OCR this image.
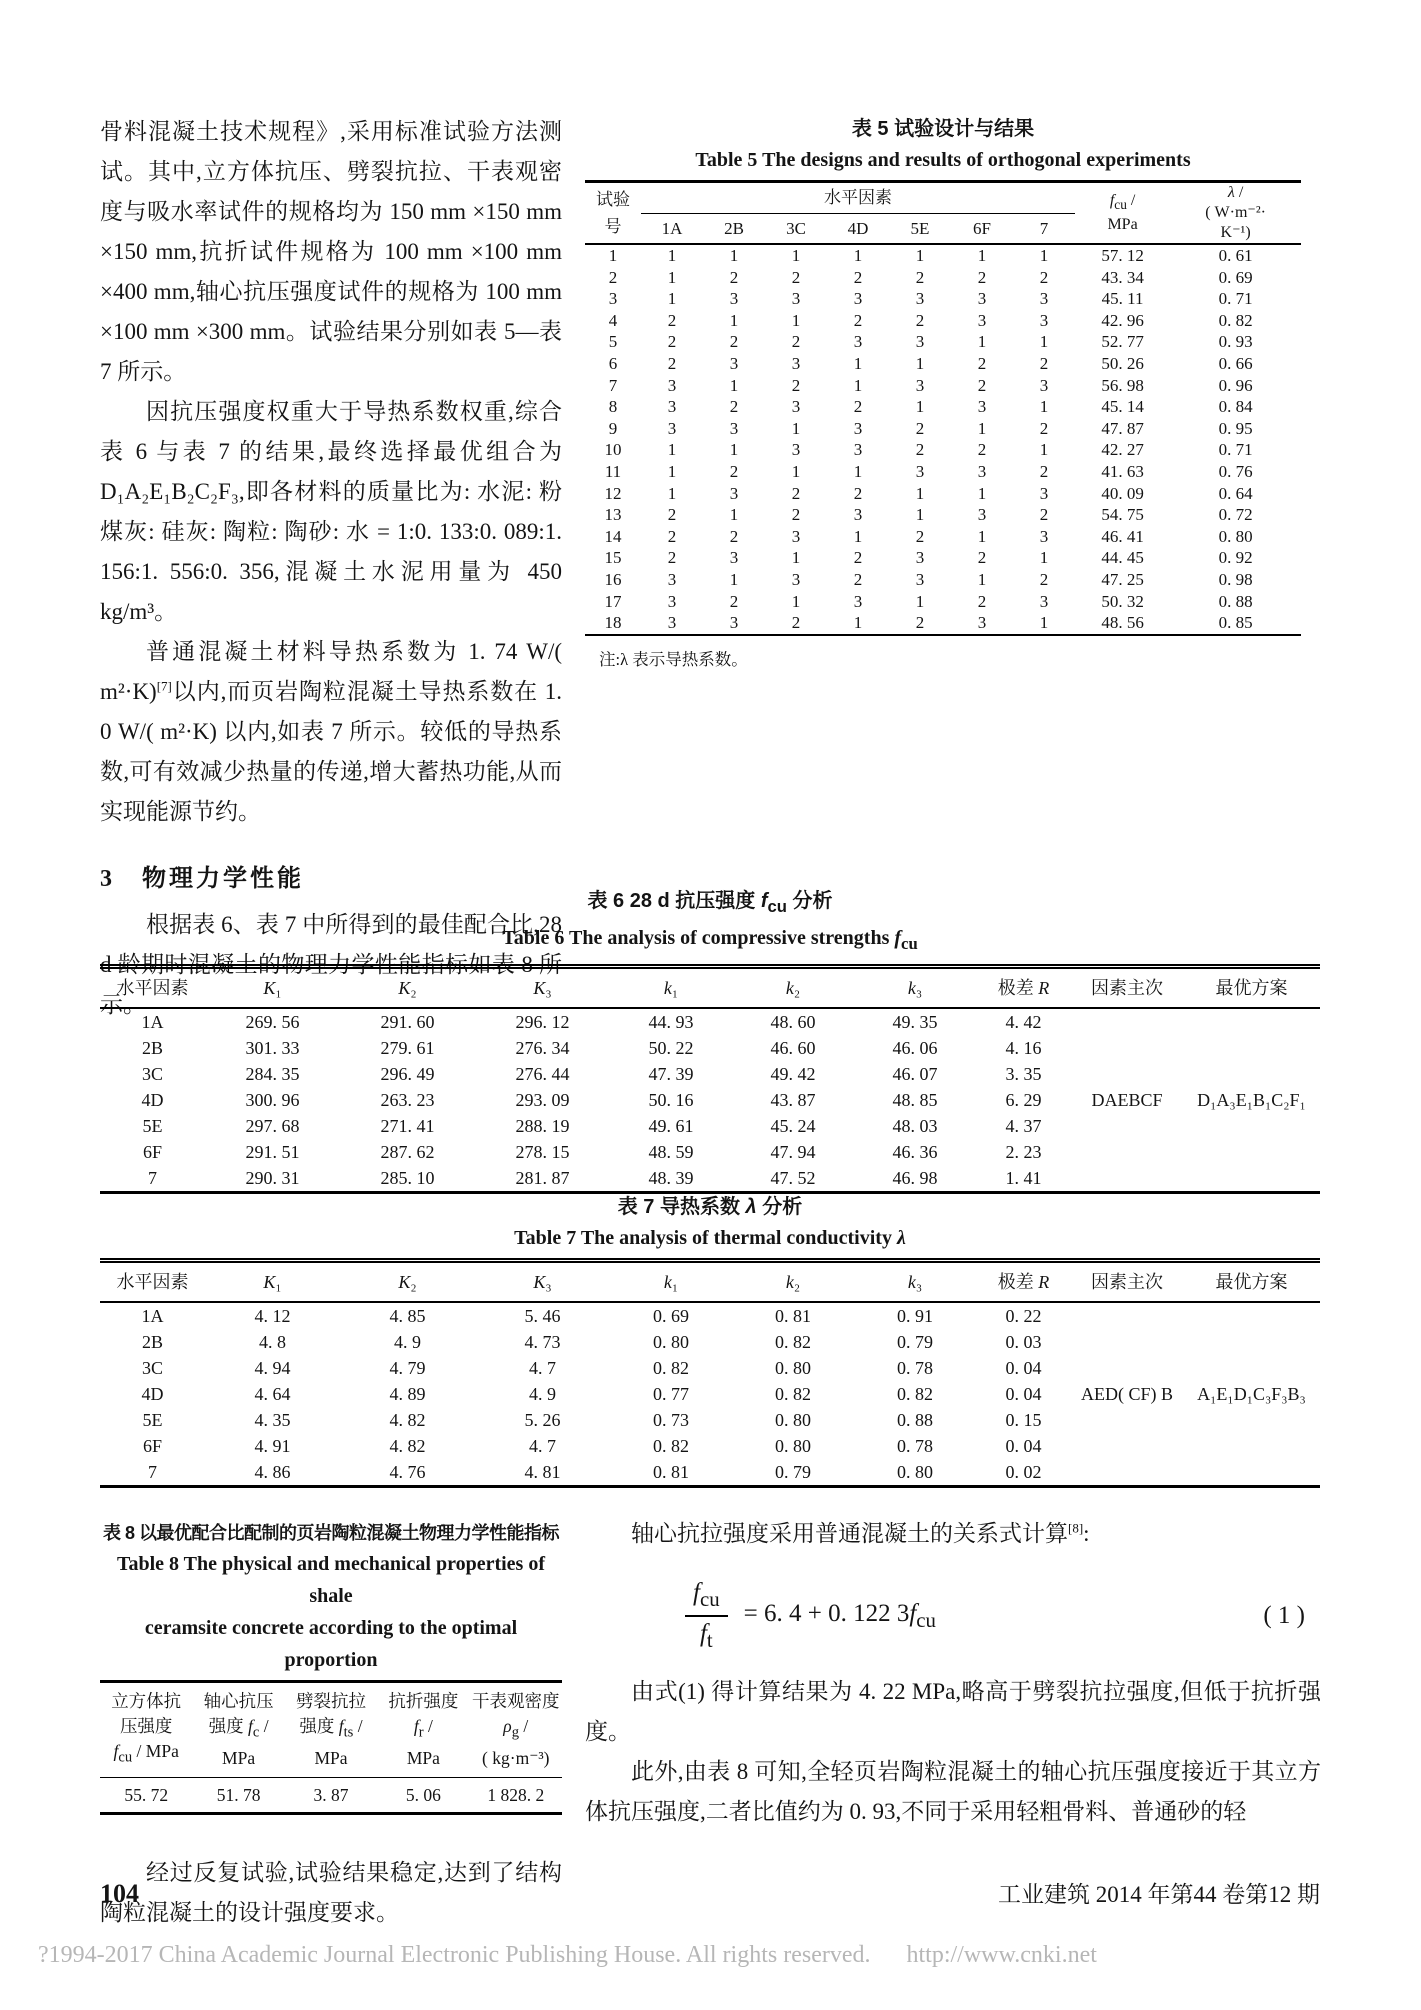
骨料混凝土技术规程》,采用标准试验方法测试。其中,立方体抗压、劈裂抗拉、干表观密度与吸水率试件的规格均为 150 mm ×150 mm ×150 mm,抗折试件规格为 100 mm ×100 mm ×400 mm,轴心抗压强度试件的规格为 100 mm ×100 mm ×300 mm。试验结果分别如表 5—表 7 所示。

因抗压强度权重大于导热系数权重,综合表 6 与表 7 的结果,最终选择最优组合为 D₁A₂E₁B₂C₂F₃,即各材料的质量比为: 水泥: 粉煤灰: 硅灰: 陶粒: 陶砂: 水 = 1:0. 133:0. 089:1. 156:1. 556:0. 356,混凝土水泥用量为 450 kg/m³。

普通混凝土材料导热系数为 1. 74 W/( m²·K)[7]以内,而页岩陶粒混凝土导热系数在 1. 0 W/( m²·K) 以内,如表 7 所示。较低的导热系数,可有效减少热量的传递,增大蓄热功能,从而实现能源节约。

3 物理力学性能

根据表 6、表 7 中所得到的最佳配合比,28 d 龄期时混凝土的物理力学性能指标如表 8 所示。

表 5 试验设计与结果

Table 5 The designs and results of orthogonal experiments

试验
号	水平因素							$f_{cu}$ /
MPa	λ /
( W·m⁻²·
K⁻¹)
	1A	2B	3C	4D	5E	6F	7		
1	1	1	1	1	1	1	1	57. 12	0. 61
2	1	2	2	2	2	2	2	43. 34	0. 69
3	1	3	3	3	3	3	3	45. 11	0. 71
4	2	1	1	2	2	3	3	42. 96	0. 82
5	2	2	2	3	3	1	1	52. 77	0. 93
6	2	3	3	1	1	2	2	50. 26	0. 66
7	3	1	2	1	3	2	3	56. 98	0. 96
8	3	2	3	2	1	3	1	45. 14	0. 84
9	3	3	1	3	2	1	2	47. 87	0. 95
10	1	1	3	3	2	2	1	42. 27	0. 71
11	1	2	1	1	3	3	2	41. 63	0. 76
12	1	3	2	2	1	1	3	40. 09	0. 64
13	2	1	2	3	1	3	2	54. 75	0. 72
14	2	2	3	1	2	1	3	46. 41	0. 80
15	2	3	1	2	3	2	1	44. 45	0. 92
16	3	1	3	2	3	1	2	47. 25	0. 98
17	3	2	1	3	1	2	3	50. 32	0. 88
18	3	3	2	1	2	3	1	48. 56	0. 85

注:λ 表示导热系数。

表 6 28 d 抗压强度 $f_{cu}$ 分析

Table 6 The analysis of compressive strengths $f_{cu}$

水平因素	K₁	K₂	K₃	k₁	k₂	k₃	极差 R	因素主次	最优方案
1A	269. 56	291. 60	296. 12	44. 93	48. 60	49. 35	4. 42		
2B	301. 33	279. 61	276. 34	50. 22	46. 60	46. 06	4. 16		
3C	284. 35	296. 49	276. 44	47. 39	49. 42	46. 07	3. 35		
4D	300. 96	263. 23	293. 09	50. 16	43. 87	48. 85	6. 29	DAEBCF	D₁A₃E₁B₁C₂F₁
5E	297. 68	271. 41	288. 19	49. 61	45. 24	48. 03	4. 37		
6F	291. 51	287. 62	278. 15	48. 59	47. 94	46. 36	2. 23		
7	290. 31	285. 10	281. 87	48. 39	47. 52	46. 98	1. 41		

表 7 导热系数 λ 分析

Table 7 The analysis of thermal conductivity λ

水平因素	K₁	K₂	K₃	k₁	k₂	k₃	极差 R	因素主次	最优方案
1A	4. 12	4. 85	5. 46	0. 69	0. 81	0. 91	0. 22		
2B	4. 8	4. 9	4. 73	0. 80	0. 82	0. 79	0. 03		
3C	4. 94	4. 79	4. 7	0. 82	0. 80	0. 78	0. 04		
4D	4. 64	4. 89	4. 9	0. 77	0. 82	0. 82	0. 04	AED( CF) B	A₁E₁D₁C₃F₃B₃
5E	4. 35	4. 82	5. 26	0. 73	0. 80	0. 88	0. 15		
6F	4. 91	4. 82	4. 7	0. 82	0. 80	0. 78	0. 04		
7	4. 86	4. 76	4. 81	0. 81	0. 79	0. 80	0. 02		

表 8 以最优配合比配制的页岩陶粒混凝土物理力学性能指标

Table 8 The physical and mechanical properties of shale

ceramsite concrete according to the optimal proportion

立方体抗
压强度
$f_{cu}$ / MPa	轴心抗压
强度 $f_c$ /
MPa	劈裂抗拉
强度 $f_{ts}$ /
MPa	抗折强度
$f_r$ /
MPa	干表观密度
$\rho_g$ /
( kg·m⁻³)
55. 72	51. 78	3. 87	5. 06	1 828. 2

经过反复试验,试验结果稳定,达到了结构陶粒混凝土的设计强度要求。

轴心抗拉强度采用普通混凝土的关系式计算[8]:

$\frac{f_{cu}}{f_t} = 6$. 4 + 0. 122 $3f_{cu}$	( 1 )

由式(1) 得计算结果为 4. 22 MPa,略高于劈裂抗拉强度,但低于抗折强度。

此外,由表 8 可知,全轻页岩陶粒混凝土的轴心抗压强度接近于其立方体抗压强度,二者比值约为 0. 93,不同于采用轻粗骨料、普通砂的轻

104	工业建筑 2014 年第44 卷第12 期
?1994-2017 China Academic Journal Electronic Publishing House. All rights reserved. http://www.cnki.net
